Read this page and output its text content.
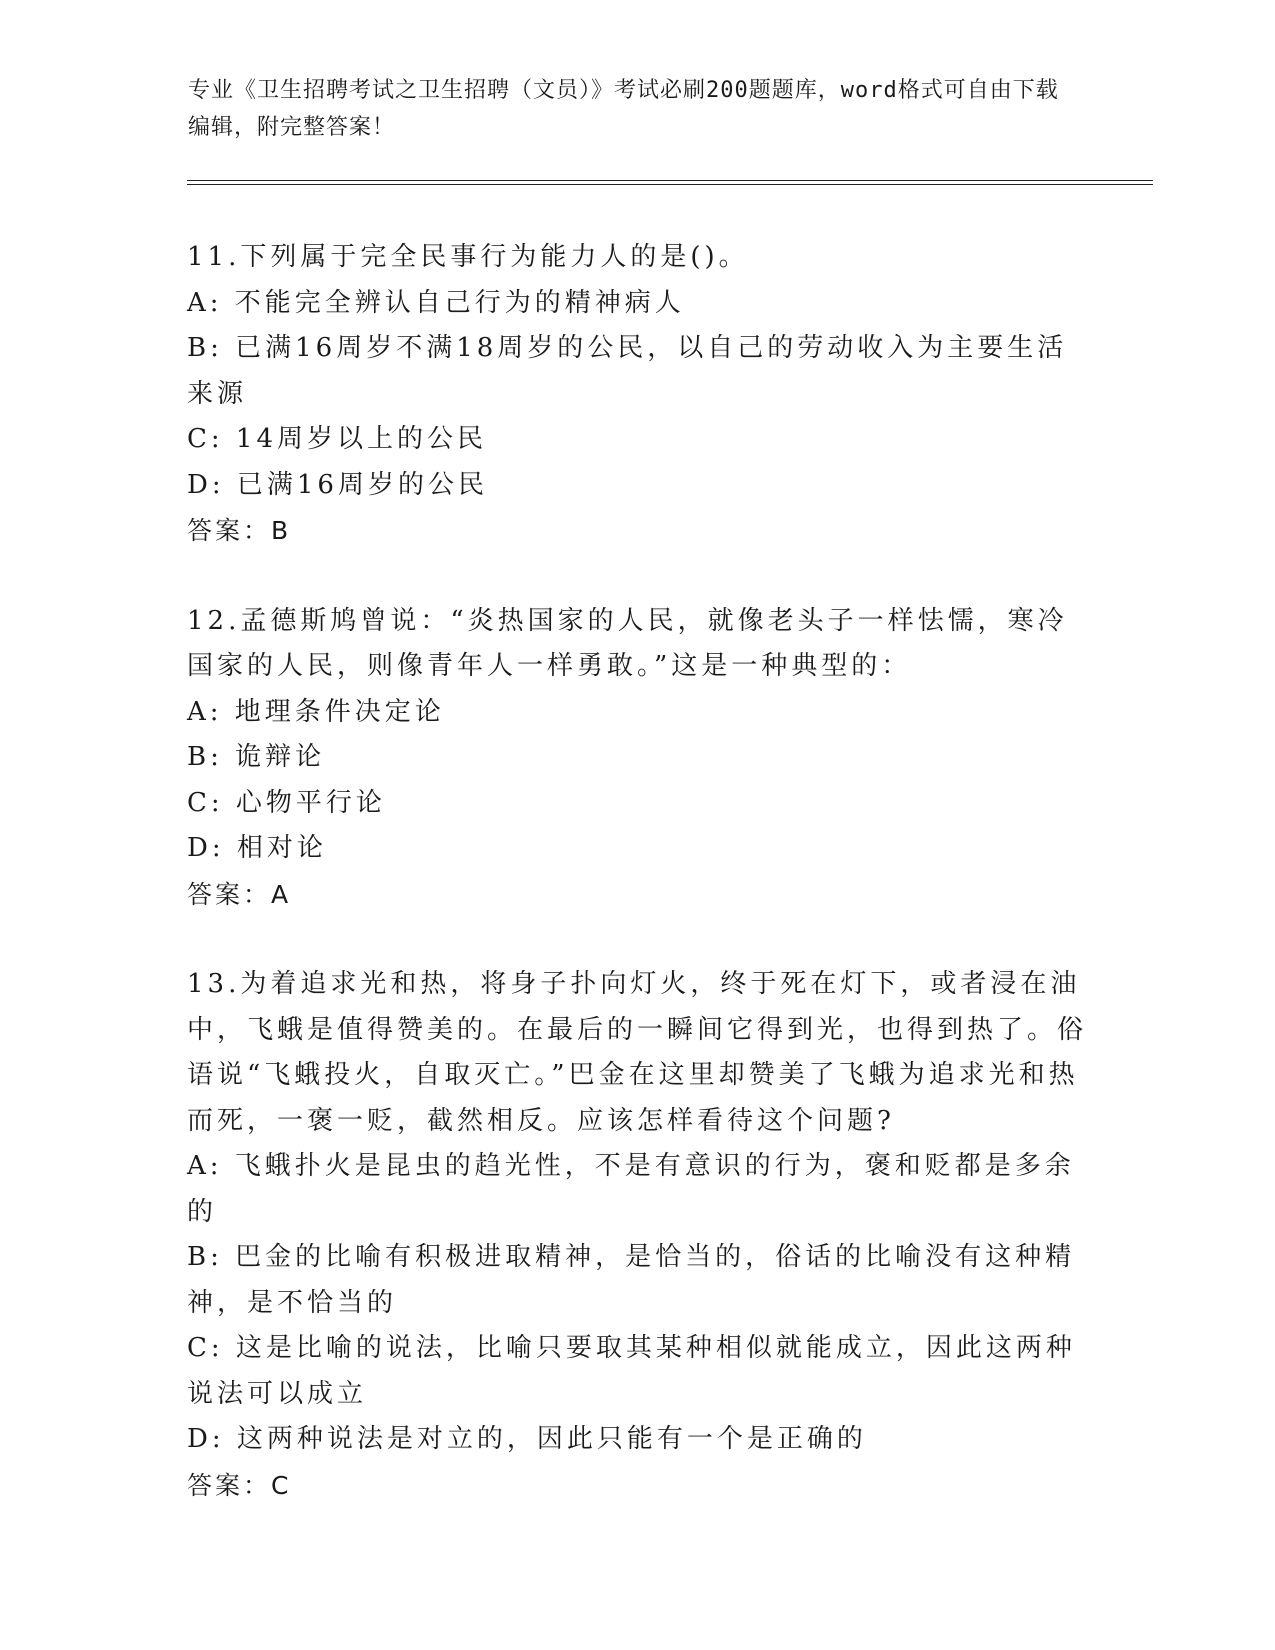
专业《卫生招聘考试之卫生招聘（文员）》考试必刷200题题库，word格式可自由下载编辑，附完整答案！
11.下列属于完全民事行为能力人的是()。
A: 不能完全辨认自己行为的精神病人
B: 已满16周岁不满18周岁的公民，以自己的劳动收入为主要生活来源
C: 14周岁以上的公民
D: 已满16周岁的公民
答案：B
12.孟德斯鸠曾说：“炎热国家的人民，就像老头子一样怯懦，寒冷国家的人民，则像青年人一样勇敢。”这是一种典型的：
A: 地理条件决定论
B: 诡辩论
C: 心物平行论
D: 相对论
答案：A
13.为着追求光和热，将身子扑向灯火，终于死在灯下，或者浸在油中，飞蛾是值得赞美的。在最后的一瞬间它得到光，也得到热了。俗语说“飞蛾投火，自取灭亡。”巴金在这里却赞美了飞蛾为追求光和热而死，一褒一贬，截然相反。应该怎样看待这个问题?
A: 飞蛾扑火是昆虫的趋光性，不是有意识的行为，褒和贬都是多余的
B: 巴金的比喻有积极进取精神，是恰当的，俗话的比喻没有这种精神，是不恰当的
C: 这是比喻的说法，比喻只要取其某种相似就能成立，因此这两种说法可以成立
D: 这两种说法是对立的，因此只能有一个是正确的
答案：C
